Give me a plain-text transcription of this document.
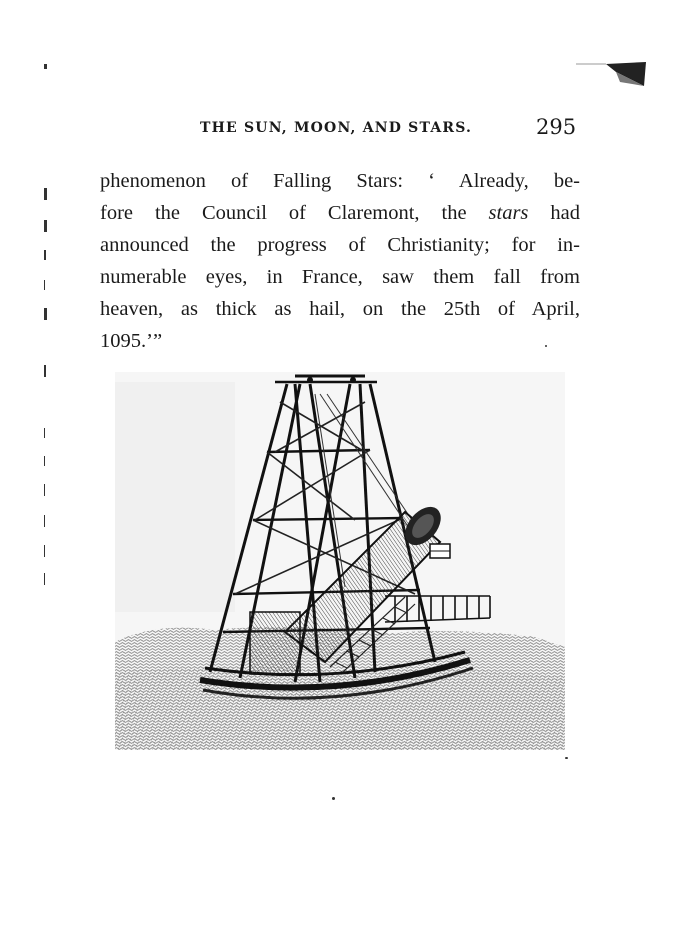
THE SUN, MOON, AND STARS.	295
phenomenon of Falling Stars: ‘ Already, be-
fore the Council of Claremont, the stars had
announced the progress of Christianity; for in-
numerable eyes, in France, saw them fall from
heaven, as thick as hail, on the 25th of April,
1095.’”
